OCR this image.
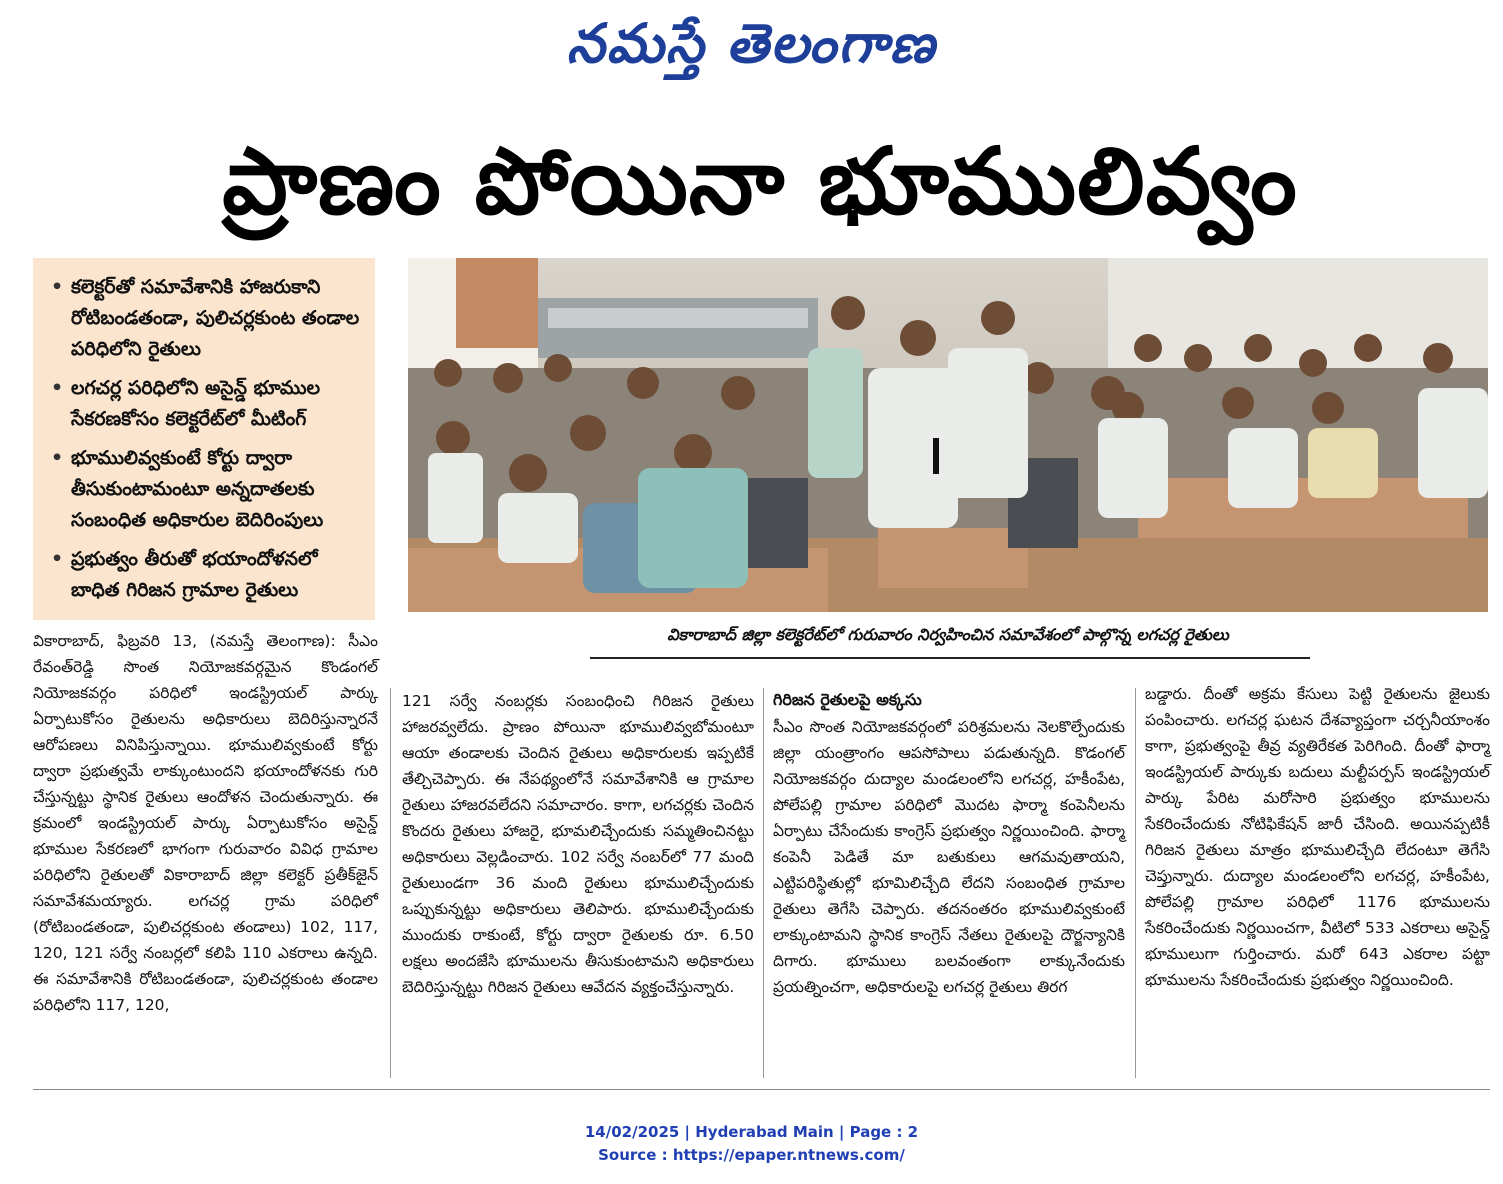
నమస్తే తెలంగాణ
ప్రాణం పోయినా భూములివ్వం
• కలెక్టర్‌తో సమావేశానికి హాజరుకాని రోటిబండతండా, పులిచర్లకుంట తండాల పరిధిలోని రైతులు
• లగచర్ల పరిధిలోని అసైన్డ్ భూముల సేకరణకోసం కలెక్టరేట్‌లో మీటింగ్
• భూములివ్వకుంటే కోర్టు ద్వారా తీసుకుంటామంటూ అన్నదాతలకు సంబంధిత అధికారుల బెదిరింపులు
• ప్రభుత్వం తీరుతో భయాందోళనలో బాధిత గిరిజన గ్రామాల రైతులు
వికారాబాద్ జిల్లా కలెక్టరేట్‌లో గురువారం నిర్వహించిన సమావేశంలో పాల్గొన్న లగచర్ల రైతులు

వికారాబాద్, ఫిబ్రవరి 13, (నమస్తే తెలంగాణ): సీఎం రేవంత్‌రెడ్డి సొంత నియోజకవర్గమైన కొండంగల్ నియోజకవర్గం పరిధిలో ఇండస్ట్రియల్ పార్కు ఏర్పాటుకోసం రైతులను అధికారులు బెదిరిస్తున్నారనే ఆరోపణలు వినిపిస్తున్నాయి. భూములివ్వకుంటే కోర్టు ద్వారా ప్రభుత్వమే లాక్కుంటుందని భయాందోళనకు గురి చేస్తున్నట్టు స్థానిక రైతులు ఆందోళన చెందుతున్నారు. ఈ క్రమంలో ఇండస్ట్రియల్ పార్కు ఏర్పాటుకోసం అసైన్డ్ భూముల సేకరణలో భాగంగా గురువారం వివిధ గ్రామాల పరిధిలోని రైతులతో వికారాబాద్ జిల్లా కలెక్టర్ ప్రతీక్‌జైన్ సమావేశమయ్యారు. లగచర్ల గ్రామ పరిధిలో (రోటిబండతండా, పులిచర్లకుంట తండాలు) 102, 117, 120, 121 సర్వే నంబర్లలో కలిపి 110 ఎకరాలు ఉన్నది. ఈ సమావేశానికి రోటిబండతండా, పులిచర్లకుంట తండాల పరిధిలోని 117, 120,

121 సర్వే నంబర్లకు సంబంధించి గిరిజన రైతులు హాజరవ్వలేదు. ప్రాణం పోయినా భూములివ్వబోమంటూ ఆయా తండాలకు చెందిన రైతులు అధికారులకు ఇప్పటికే తేల్చిచెప్పారు. ఈ నేపథ్యంలోనే సమావేశానికి ఆ గ్రామాల రైతులు హాజరవలేదని సమాచారం. కాగా, లగచర్లకు చెందిన కొందరు రైతులు హాజరై, భూమలిచ్చేందుకు సమ్మతించినట్టు అధికారులు వెల్లడించారు. 102 సర్వే నంబర్‌లో 77 మంది రైతులుండగా 36 మంది రైతులు భూములిచ్చేందుకు ఒప్పుకున్నట్టు అధికారులు తెలిపారు. భూములిచ్చేందుకు ముందుకు రాకుంటే, కోర్టు ద్వారా రైతులకు రూ. 6.50 లక్షలు అందజేసి భూములను తీసుకుంటామని అధికారులు బెదిరిస్తున్నట్టు గిరిజన రైతులు ఆవేదన వ్యక్తంచేస్తున్నారు.

గిరిజన రైతులపై అక్కసు

సీఎం సొంత నియోజకవర్గంలో పరిశ్రమలను నెలకొల్పేందుకు జిల్లా యంత్రాంగం ఆపసోపాలు పడుతున్నది. కొడంగల్ నియోజకవర్గం దుద్యాల మండలంలోని లగచర్ల, హకీంపేట, పోలేపల్లి గ్రామాల పరిధిలో మొదట ఫార్మా కంపెనీలను ఏర్పాటు చేసేందుకు కాంగ్రెస్ ప్రభుత్వం నిర్ణయించింది. ఫార్మా కంపెనీ పెడితే మా బతుకులు ఆగమవుతాయని, ఎట్టిపరిస్థితుల్లో భూమిలిచ్చేది లేదని సంబంధిత గ్రామాల రైతులు తెగేసి చెప్పారు. తదనంతరం భూములివ్వకుంటే లాక్కుంటామని స్థానిక కాంగ్రెస్ నేతలు రైతులపై దౌర్జన్యానికి దిగారు. భూములు బలవంతంగా లాక్కునేందుకు ప్రయత్నించగా, అధికారులపై లగచర్ల రైతులు తిరగ

బడ్డారు. దీంతో అక్రమ కేసులు పెట్టి రైతులను జైలుకు పంపించారు. లగచర్ల ఘటన దేశవ్యాప్తంగా చర్చనీయాంశం కాగా, ప్రభుత్వంపై తీవ్ర వ్యతిరేకత పెరిగింది. దీంతో ఫార్మా ఇండస్ట్రియల్ పార్కుకు బదులు మల్టీపర్పస్ ఇండస్ట్రియల్ పార్కు పేరిట మరోసారి ప్రభుత్వం భూములను సేకరించేందుకు నోటిఫికేషన్ జారీ చేసింది. అయినప్పటికీ గిరిజన రైతులు మాత్రం భూములిచ్చేది లేదంటూ తెగేసి చెప్తున్నారు. దుద్యాల మండలంలోని లగచర్ల, హకీంపేట, పోలేపల్లి గ్రామాల పరిధిలో 1176 భూములను సేకరించేందుకు నిర్ణయించగా, వీటిలో 533 ఎకరాలు అసైన్డ్ భూములుగా గుర్తించారు. మరో 643 ఎకరాల పట్టా భూములను సేకరించేందుకు ప్రభుత్వం నిర్ణయించింది.

14/02/2025 | Hyderabad Main | Page : 2
Source : https://epaper.ntnews.com/
